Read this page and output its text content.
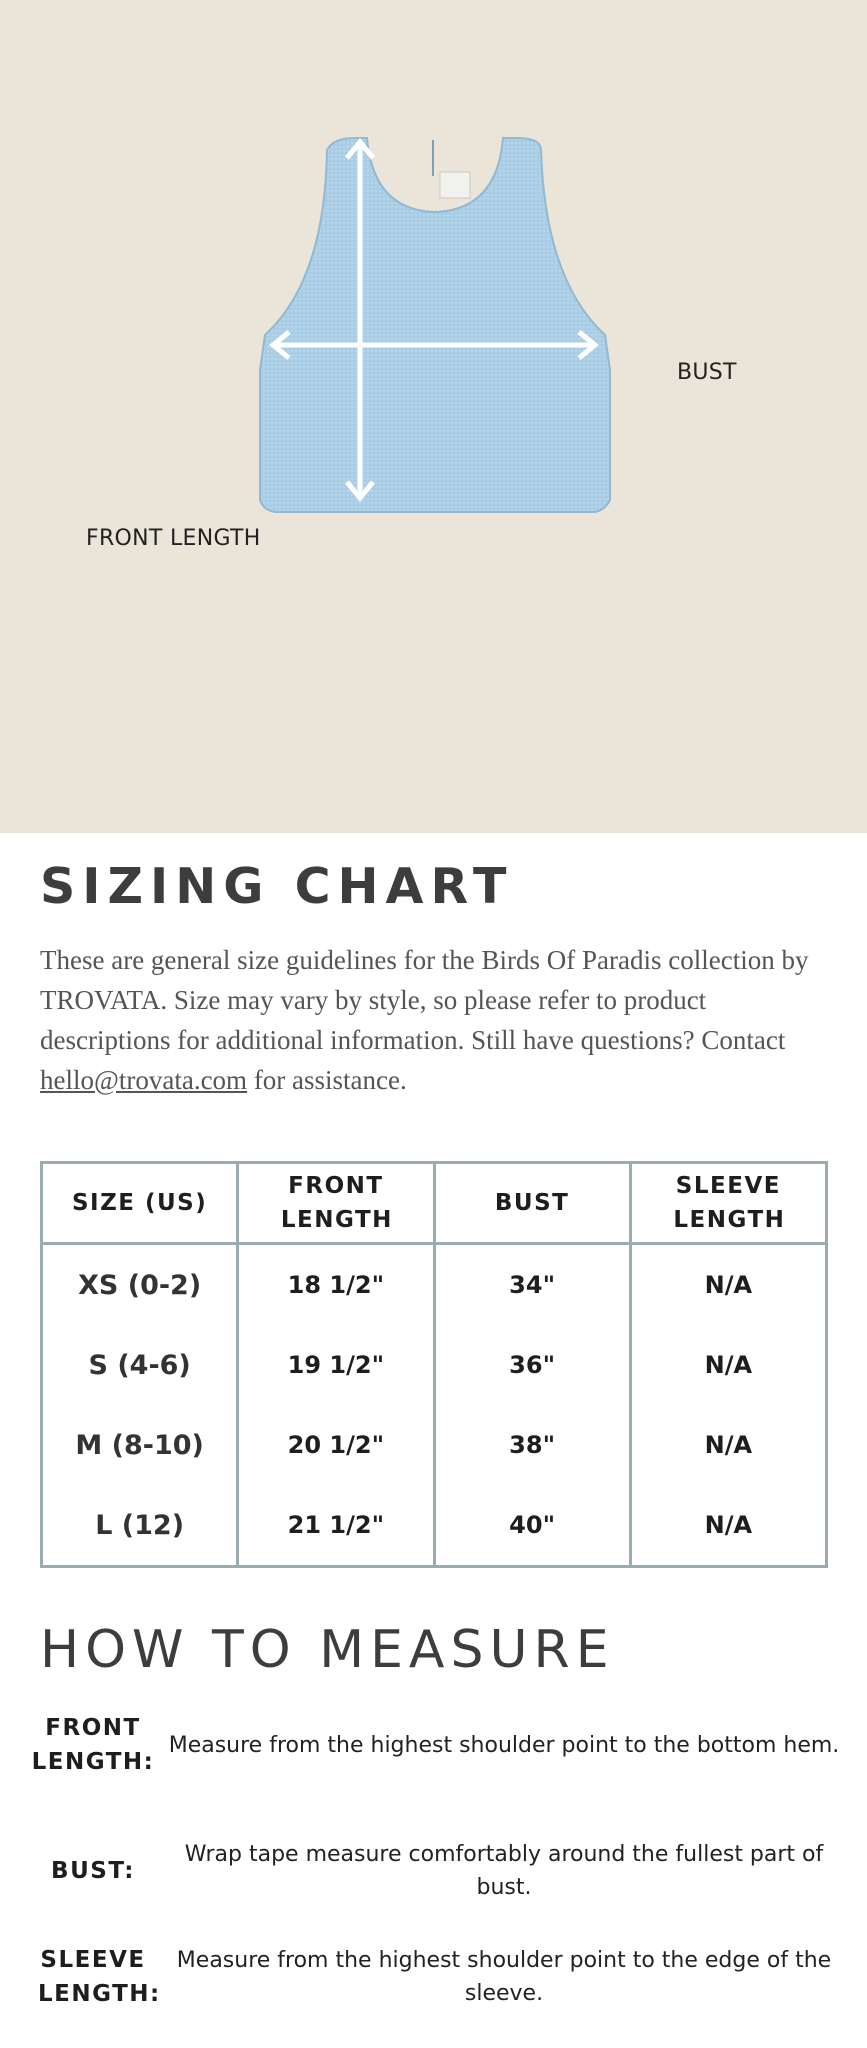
BUST
FRONT LENGTH
SIZING CHART

These are general size guidelines for the Birds Of Paradis collection by TROVATA. Size may vary by style, so please refer to product descriptions for additional information. Still have questions? Contact hello@trovata.com for assistance.

SIZE (US)	FRONT LENGTH	BUST	SLEEVE LENGTH

XS (0-2)	18 1/2"	34"	N/A
S (4-6)	19 1/2"	36"	N/A
M (8-10)	20 1/2"	38"	N/A
L (12)	21 1/2"	40"	N/A
HOW TO MEASURE
FRONT LENGTH:
Measure from the highest shoulder point to the bottom hem.
BUST:
Wrap tape measure comfortably around the fullest part of bust.
SLEEVE LENGTH:
Measure from the highest shoulder point to the edge of the sleeve.
